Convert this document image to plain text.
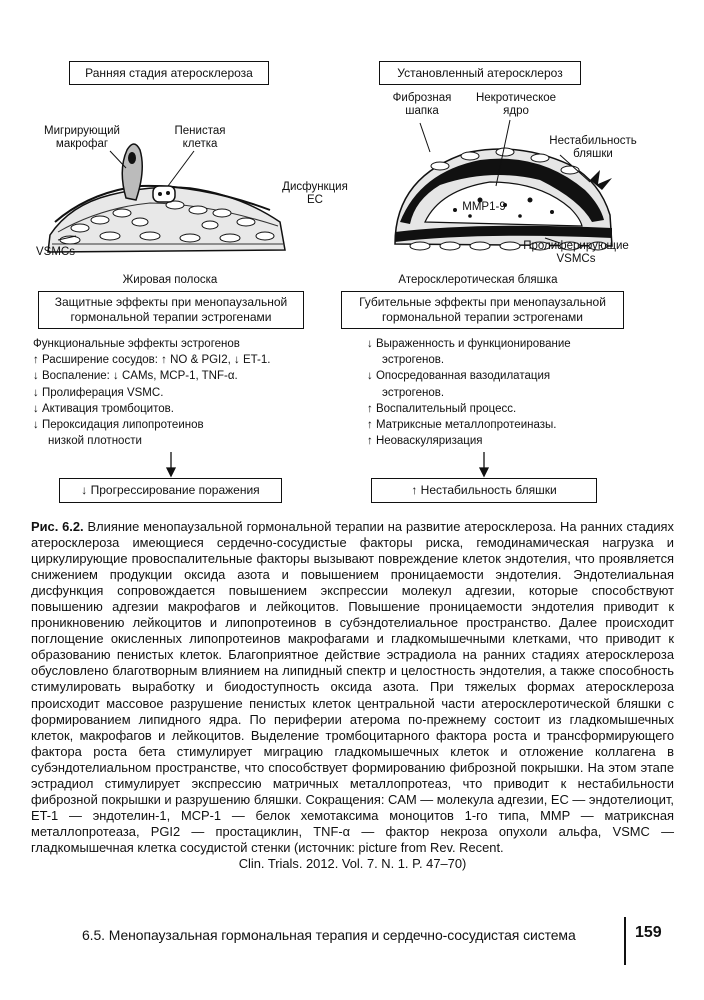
Ранняя стадия атеросклероза
Мигрирующий
макрофаг
Пенистая
клетка
Дисфункция
EC
VSMCs
Жировая полоска
Защитные эффекты при менопаузальной
гормональной терапии эстрогенами
Функциональные эффекты эстрогенов
↑ Расширение сосудов: ↑ NO & PGI2, ↓ ET-1.
↓ Воспаление: ↓ CAMs, MCP-1, TNF-α.
↓ Пролиферация VSMC.
↓ Активация тромбоцитов.
↓ Пероксидация липопротеинов
низкой плотности
↓ Прогрессирование поражения
Установленный атеросклероз
Фиброзная
шапка
Некротическое
ядро
Нестабильность
бляшки
MMP1-9
Пролиферирующие
VSMCs
Атеросклеротическая бляшка
Губительные эффекты при менопаузальной
гормональной терапии эстрогенами
↓ Выраженность и функционирование
эстрогенов.
↓ Опосредованная вазодилатация
эстрогенов.
↑ Воспалительный процесс.
↑ Матриксные металлопротеиназы.
↑ Неоваскуляризация
↑ Нестабильность бляшки
Рис. 6.2. Влияние менопаузальной гормональной терапии на развитие атеросклероза. На ранних стадиях атеросклероза имеющиеся сердечно-сосудистые факторы риска, гемодинамическая нагрузка и циркулирующие провоспалительные факторы вызывают повреждение клеток эндотелия, что проявляется снижением продукции оксида азота и повышением проницаемости эндотелия. Эндотелиальная дисфункция сопровождается повышением экспрессии молекул адгезии, которые способствуют повышению адгезии макрофагов и лейкоцитов. Повышение проницаемости эндотелия приводит к проникновению лейкоцитов и липопротеинов в субэндотелиальное пространство. Далее происходит поглощение окисленных липопротеинов макрофагами и гладкомышечными клетками, что приводит к образованию пенистых клеток. Благоприятное действие эстрадиола на ранних стадиях атеросклероза обусловлено благотворным влиянием на липидный спектр и целостность эндотелия, а также способность стимулировать выработку и биодоступность оксида азота. При тяжелых формах атеросклероза происходит массовое разрушение пенистых клеток центральной части атеросклеротической бляшки с формированием липидного ядра. По периферии атерома по-прежнему состоит из гладкомышечных клеток, макрофагов и лейкоцитов. Выделение тромбоцитарного фактора роста и трансформирующего фактора роста бета стимулирует миграцию гладкомышечных клеток и отложение коллагена в субэндотелиальном пространстве, что способствует формированию фиброзной покрышки. На этом этапе эстрадиол стимулирует экспрессию матричных металлопротеаз, что приводит к нестабильности фиброзной покрышки и разрушению бляшки. Сокращения: CAM — молекула адгезии, EC — эндотелиоцит, ET-1 — эндотелин-1, MCP-1 — белок хемотаксима моноцитов 1-го типа, MMP — матриксная металлопротеаза, PGI2 — простациклин, TNF-α — фактор некроза опухоли альфа, VSMC — гладкомышечная клетка сосудистой стенки (источник: picture from Rev. Recent.
Clin. Trials. 2012. Vol. 7. N. 1. P. 47–70)
6.5. Менопаузальная гормональная терапия и сердечно-сосудистая система	159
